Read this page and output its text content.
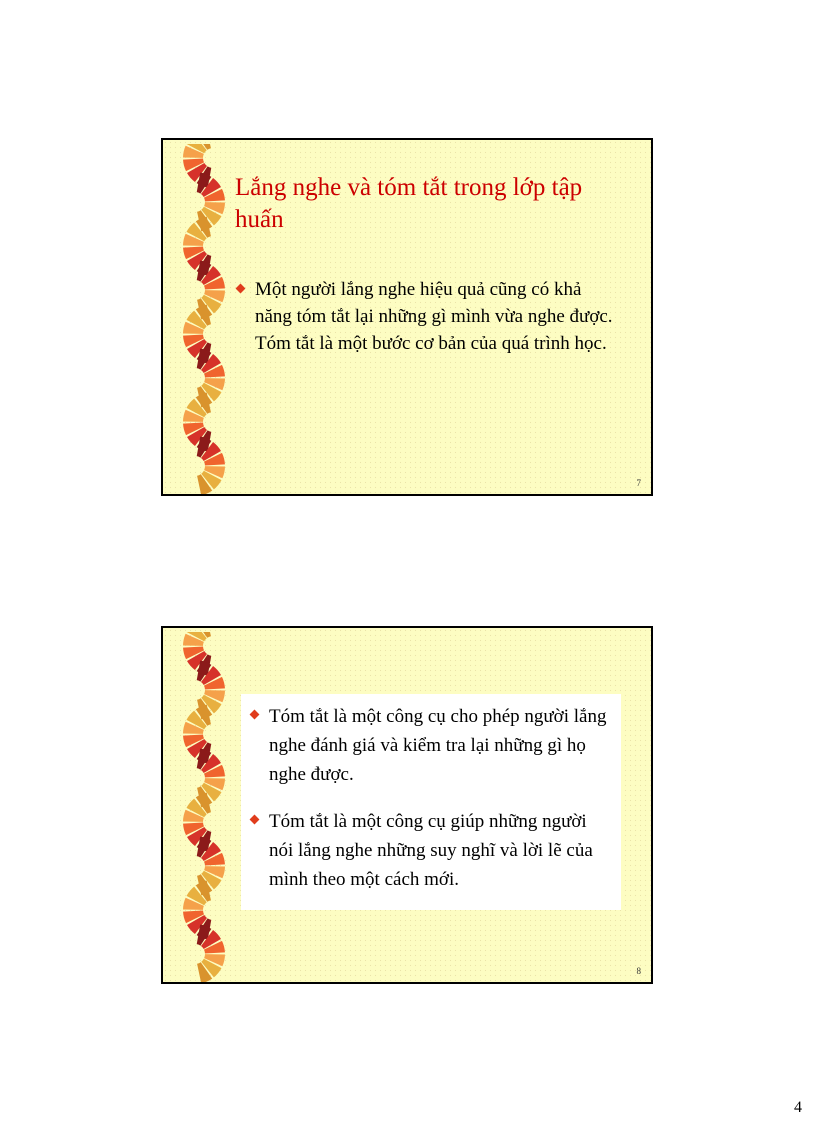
Lắng nghe và tóm tắt trong lớp tập huấn
Một người lắng nghe hiệu quả cũng có khả năng tóm tắt lại những gì mình vừa nghe được. Tóm tắt là một bước cơ bản của quá trình học.
7
Tóm tắt là một công cụ cho phép người lắng nghe đánh giá và kiểm tra lại những gì họ nghe được.
Tóm tắt là một công cụ giúp những người nói lắng nghe những suy nghĩ và lời lẽ của mình theo một cách mới.
8
4
